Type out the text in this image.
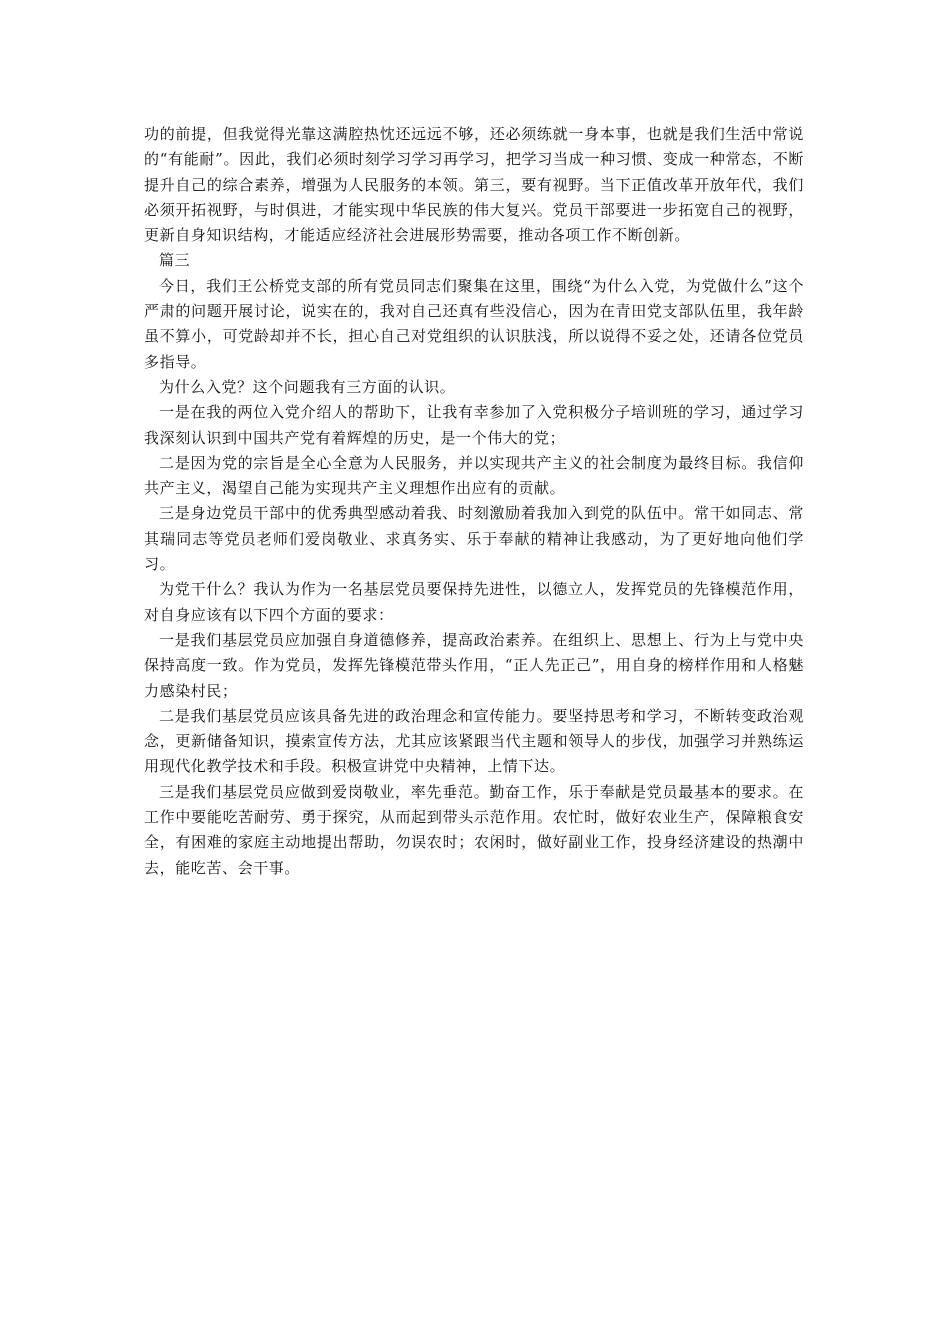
功的前提，但我觉得光靠这满腔热忱还远远不够，还必须练就一身本事，也就是我们生活中常说的“有能耐”。因此，我们必须时刻学习学习再学习，把学习当成一种习惯、变成一种常态，不断提升自己的综合素养，增强为人民服务的本领。第三，要有视野。当下正值改革开放年代，我们必须开拓视野，与时俱进，才能实现中华民族的伟大复兴。党员干部要进一步拓宽自己的视野，更新自身知识结构，才能适应经济社会进展形势需要，推动各项工作不断创新。

篇三

今日，我们王公桥党支部的所有党员同志们聚集在这里，围绕“为什么入党，为党做什么”这个严肃的问题开展讨论，说实在的，我对自己还真有些没信心，因为在青田党支部队伍里，我年龄虽不算小，可党龄却并不长，担心自己对党组织的认识肤浅，所以说得不妥之处，还请各位党员多指导。

为什么入党？这个问题我有三方面的认识。

一是在我的两位入党介绍人的帮助下，让我有幸参加了入党积极分子培训班的学习，通过学习我深刻认识到中国共产党有着辉煌的历史，是一个伟大的党；

二是因为党的宗旨是全心全意为人民服务，并以实现共产主义的社会制度为最终目标。我信仰共产主义，渴望自己能为实现共产主义理想作出应有的贡献。

三是身边党员干部中的优秀典型感动着我、时刻激励着我加入到党的队伍中。常干如同志、常其瑞同志等党员老师们爱岗敬业、求真务实、乐于奉献的精神让我感动，为了更好地向他们学习。

为党干什么？我认为作为一名基层党员要保持先进性，以德立人，发挥党员的先锋模范作用，对自身应该有以下四个方面的要求：

一是我们基层党员应加强自身道德修养，提高政治素养。在组织上、思想上、行为上与党中央保持高度一致。作为党员，发挥先锋模范带头作用，“正人先正己”，用自身的榜样作用和人格魅力感染村民；

二是我们基层党员应该具备先进的政治理念和宣传能力。要坚持思考和学习，不断转变政治观念，更新储备知识，摸索宣传方法，尤其应该紧跟当代主题和领导人的步伐，加强学习并熟练运用现代化教学技术和手段。积极宣讲党中央精神，上情下达。

三是我们基层党员应做到爱岗敬业，率先垂范。勤奋工作，乐于奉献是党员最基本的要求。在工作中要能吃苦耐劳、勇于探究，从而起到带头示范作用。农忙时，做好农业生产，保障粮食安全，有困难的家庭主动地提出帮助，勿误农时；农闲时，做好副业工作，投身经济建设的热潮中去，能吃苦、会干事。
